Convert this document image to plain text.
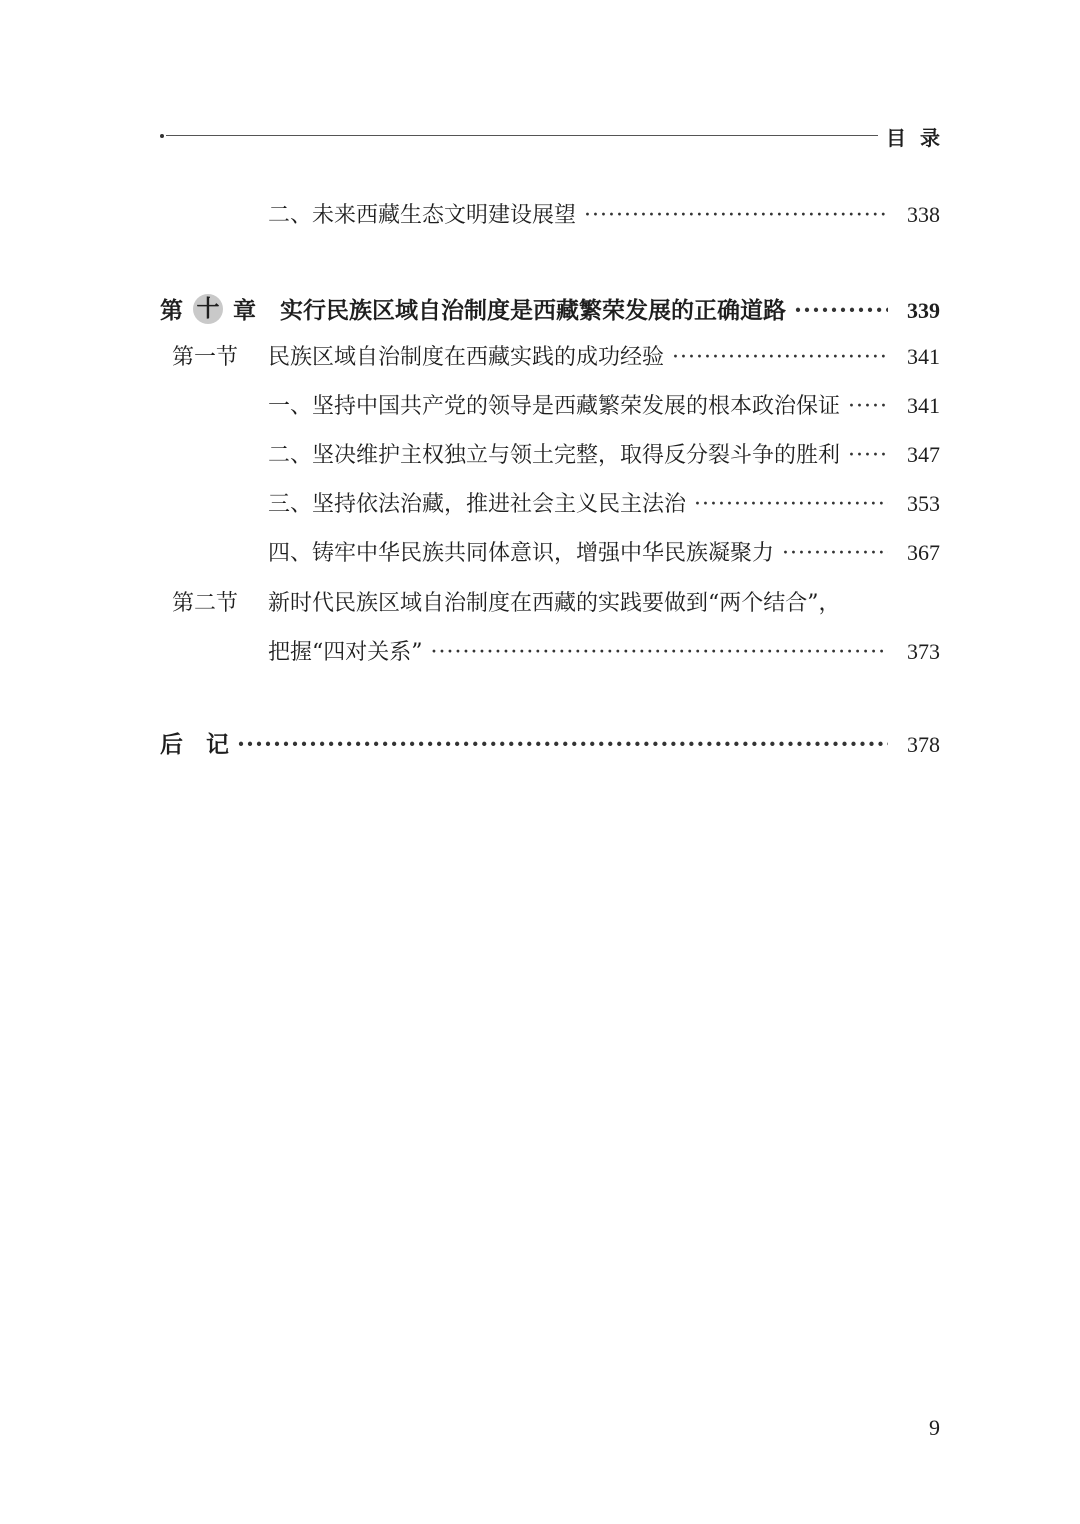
目录
二、未来西藏生态文明建设展望 ·····	338
第 十 章 实行民族区域自治制度是西藏繁荣发展的正确道路 ·····	339
第一节	民族区域自治制度在西藏实践的成功经验 ·····	341
一、坚持中国共产党的领导是西藏繁荣发展的根本政治保证 ·····	341
二、坚决维护主权独立与领土完整，取得反分裂斗争的胜利 ·····	347
三、坚持依法治藏，推进社会主义民主法治 ·····	353
四、铸牢中华民族共同体意识，增强中华民族凝聚力 ·····	367
第二节	新时代民族区域自治制度在西藏的实践要做到“两个结合”，
把握“四对关系” ·····	373
后　记 ·····	378
9
